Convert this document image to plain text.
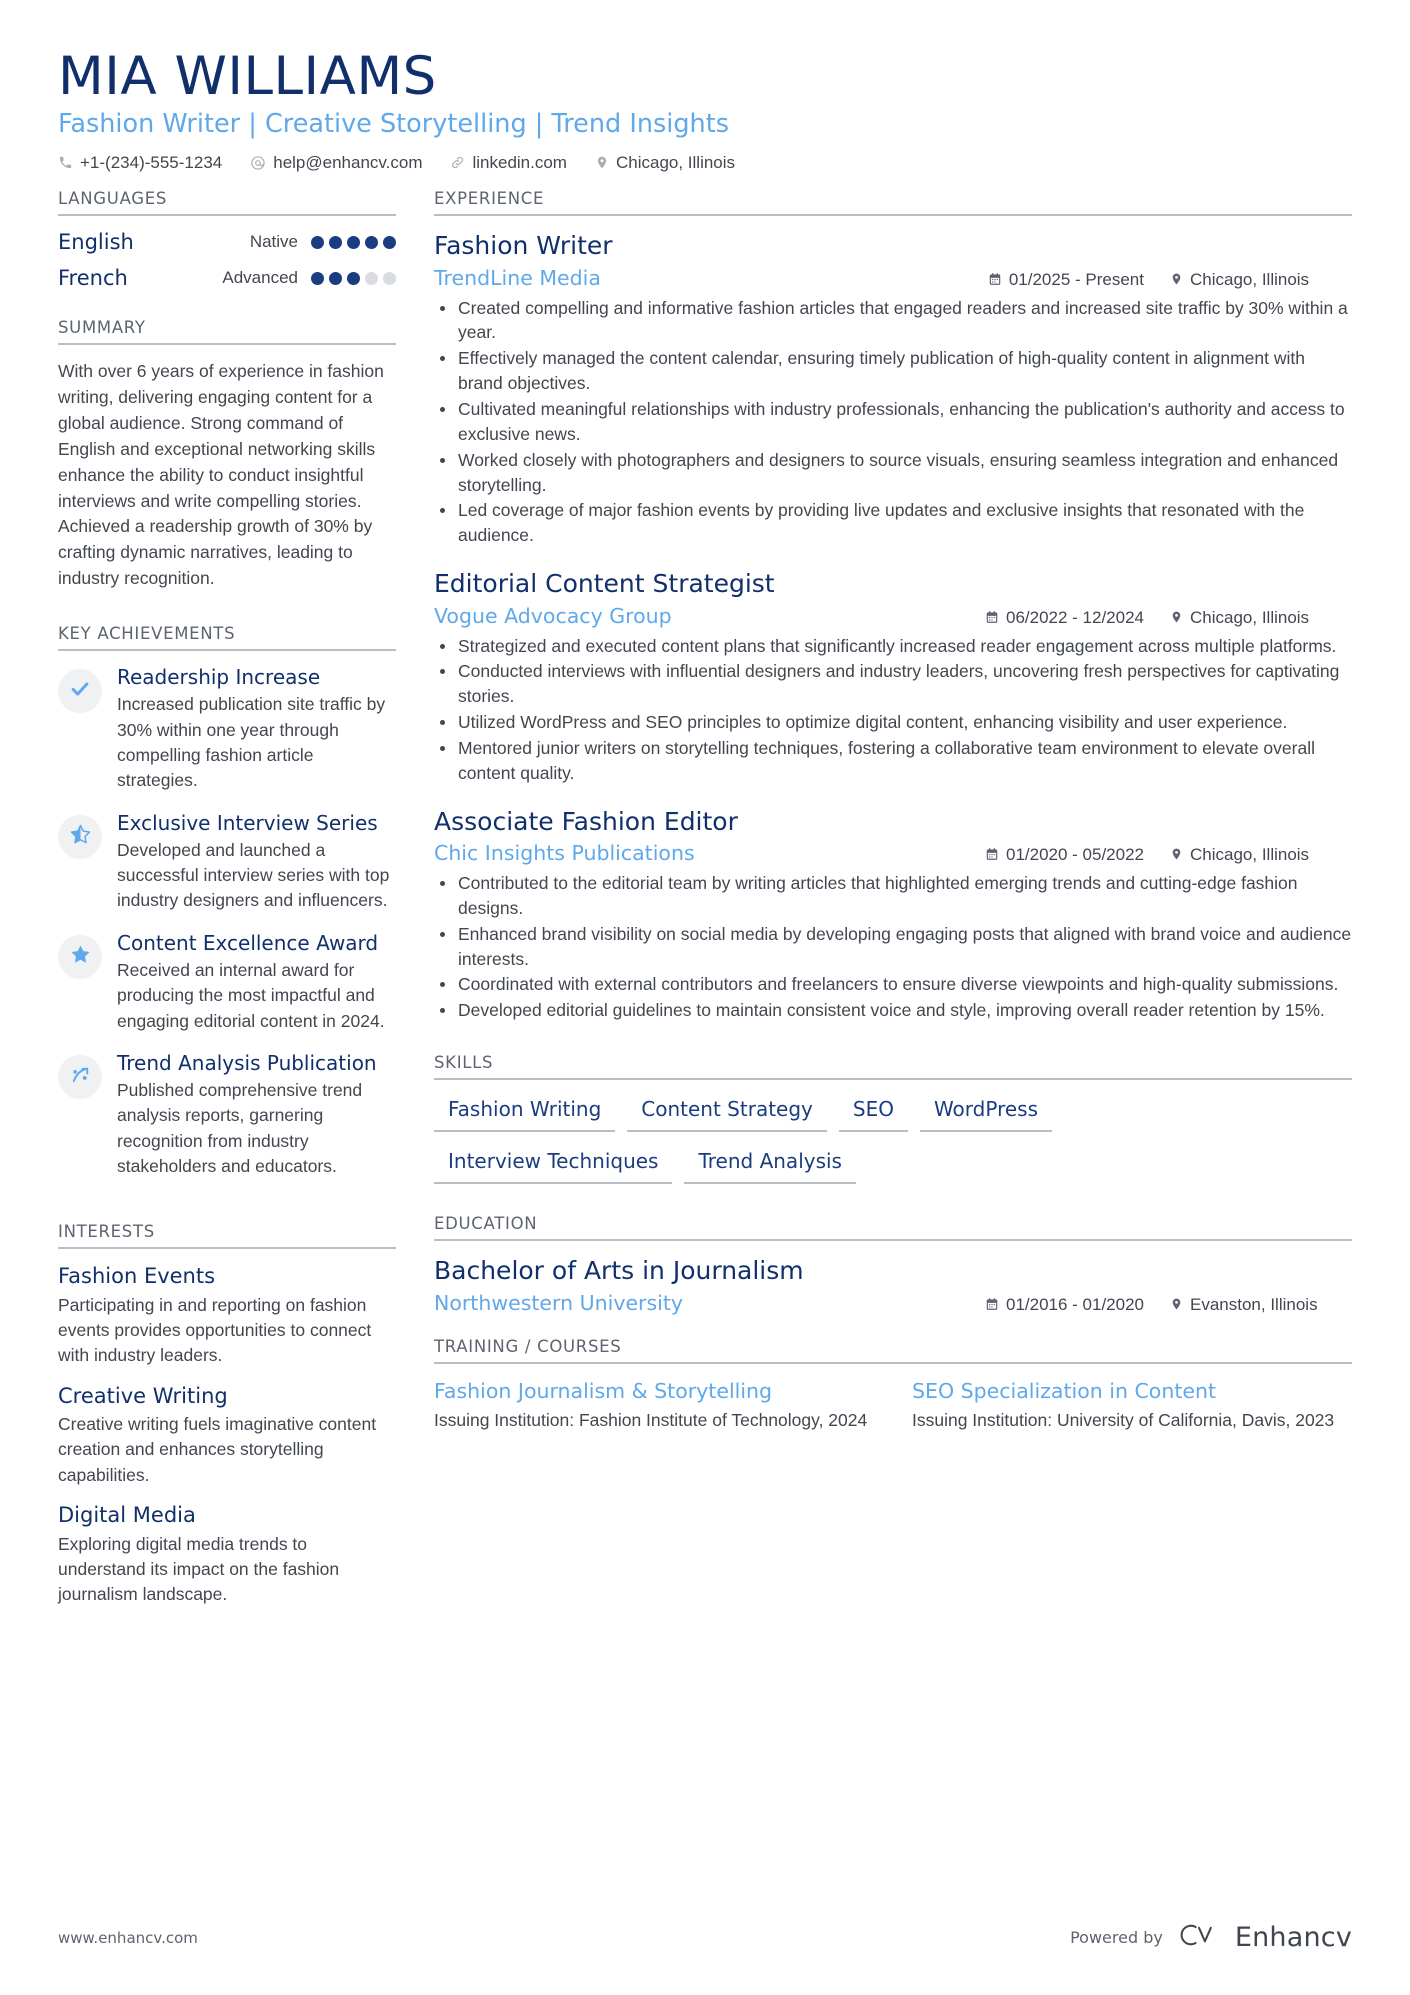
MIA WILLIAMS
Fashion Writer | Creative Storytelling | Trend Insights
+1-(234)-555-1234	help@enhancv.com	linkedin.com	Chicago, Illinois
LANGUAGES
English	Native
French	Advanced
SUMMARY

With over 6 years of experience in fashion writing, delivering engaging content for a global audience. Strong command of English and exceptional networking skills enhance the ability to conduct insightful interviews and write compelling stories. Achieved a readership growth of 30% by crafting dynamic narratives, leading to industry recognition.

KEY ACHIEVEMENTS
Readership Increase
Increased publication site traffic by 30% within one year through compelling fashion article strategies.
Exclusive Interview Series
Developed and launched a successful interview series with top industry designers and influencers.
Content Excellence Award
Received an internal award for producing the most impactful and engaging editorial content in 2024.
Trend Analysis Publication
Published comprehensive trend analysis reports, garnering recognition from industry stakeholders and educators.
INTERESTS
Fashion Events
Participating in and reporting on fashion events provides opportunities to connect with industry leaders.
Creative Writing
Creative writing fuels imaginative content creation and enhances storytelling capabilities.
Digital Media
Exploring digital media trends to understand its impact on the fashion journalism landscape.
EXPERIENCE
Fashion Writer
TrendLine Media	01/2025 - Present	Chicago, Illinois
Created compelling and informative fashion articles that engaged readers and increased site traffic by 30% within a year.
Effectively managed the content calendar, ensuring timely publication of high-quality content in alignment with brand objectives.
Cultivated meaningful relationships with industry professionals, enhancing the publication's authority and access to exclusive news.
Worked closely with photographers and designers to source visuals, ensuring seamless integration and enhanced storytelling.
Led coverage of major fashion events by providing live updates and exclusive insights that resonated with the audience.
Editorial Content Strategist
Vogue Advocacy Group	06/2022 - 12/2024	Chicago, Illinois
Strategized and executed content plans that significantly increased reader engagement across multiple platforms.
Conducted interviews with influential designers and industry leaders, uncovering fresh perspectives for captivating stories.
Utilized WordPress and SEO principles to optimize digital content, enhancing visibility and user experience.
Mentored junior writers on storytelling techniques, fostering a collaborative team environment to elevate overall content quality.
Associate Fashion Editor
Chic Insights Publications	01/2020 - 05/2022	Chicago, Illinois
Contributed to the editorial team by writing articles that highlighted emerging trends and cutting-edge fashion designs.
Enhanced brand visibility on social media by developing engaging posts that aligned with brand voice and audience interests.
Coordinated with external contributors and freelancers to ensure diverse viewpoints and high-quality submissions.
Developed editorial guidelines to maintain consistent voice and style, improving overall reader retention by 15%.
SKILLS
Fashion Writing	Content Strategy	SEO	WordPress
Interview Techniques	Trend Analysis
EDUCATION
Bachelor of Arts in Journalism
Northwestern University	01/2016 - 01/2020	Evanston, Illinois
TRAINING / COURSES
Fashion Journalism & Storytelling
Issuing Institution: Fashion Institute of Technology, 2024
SEO Specialization in Content
Issuing Institution: University of California, Davis, 2023
www.enhancv.com	Powered by	Enhancv
